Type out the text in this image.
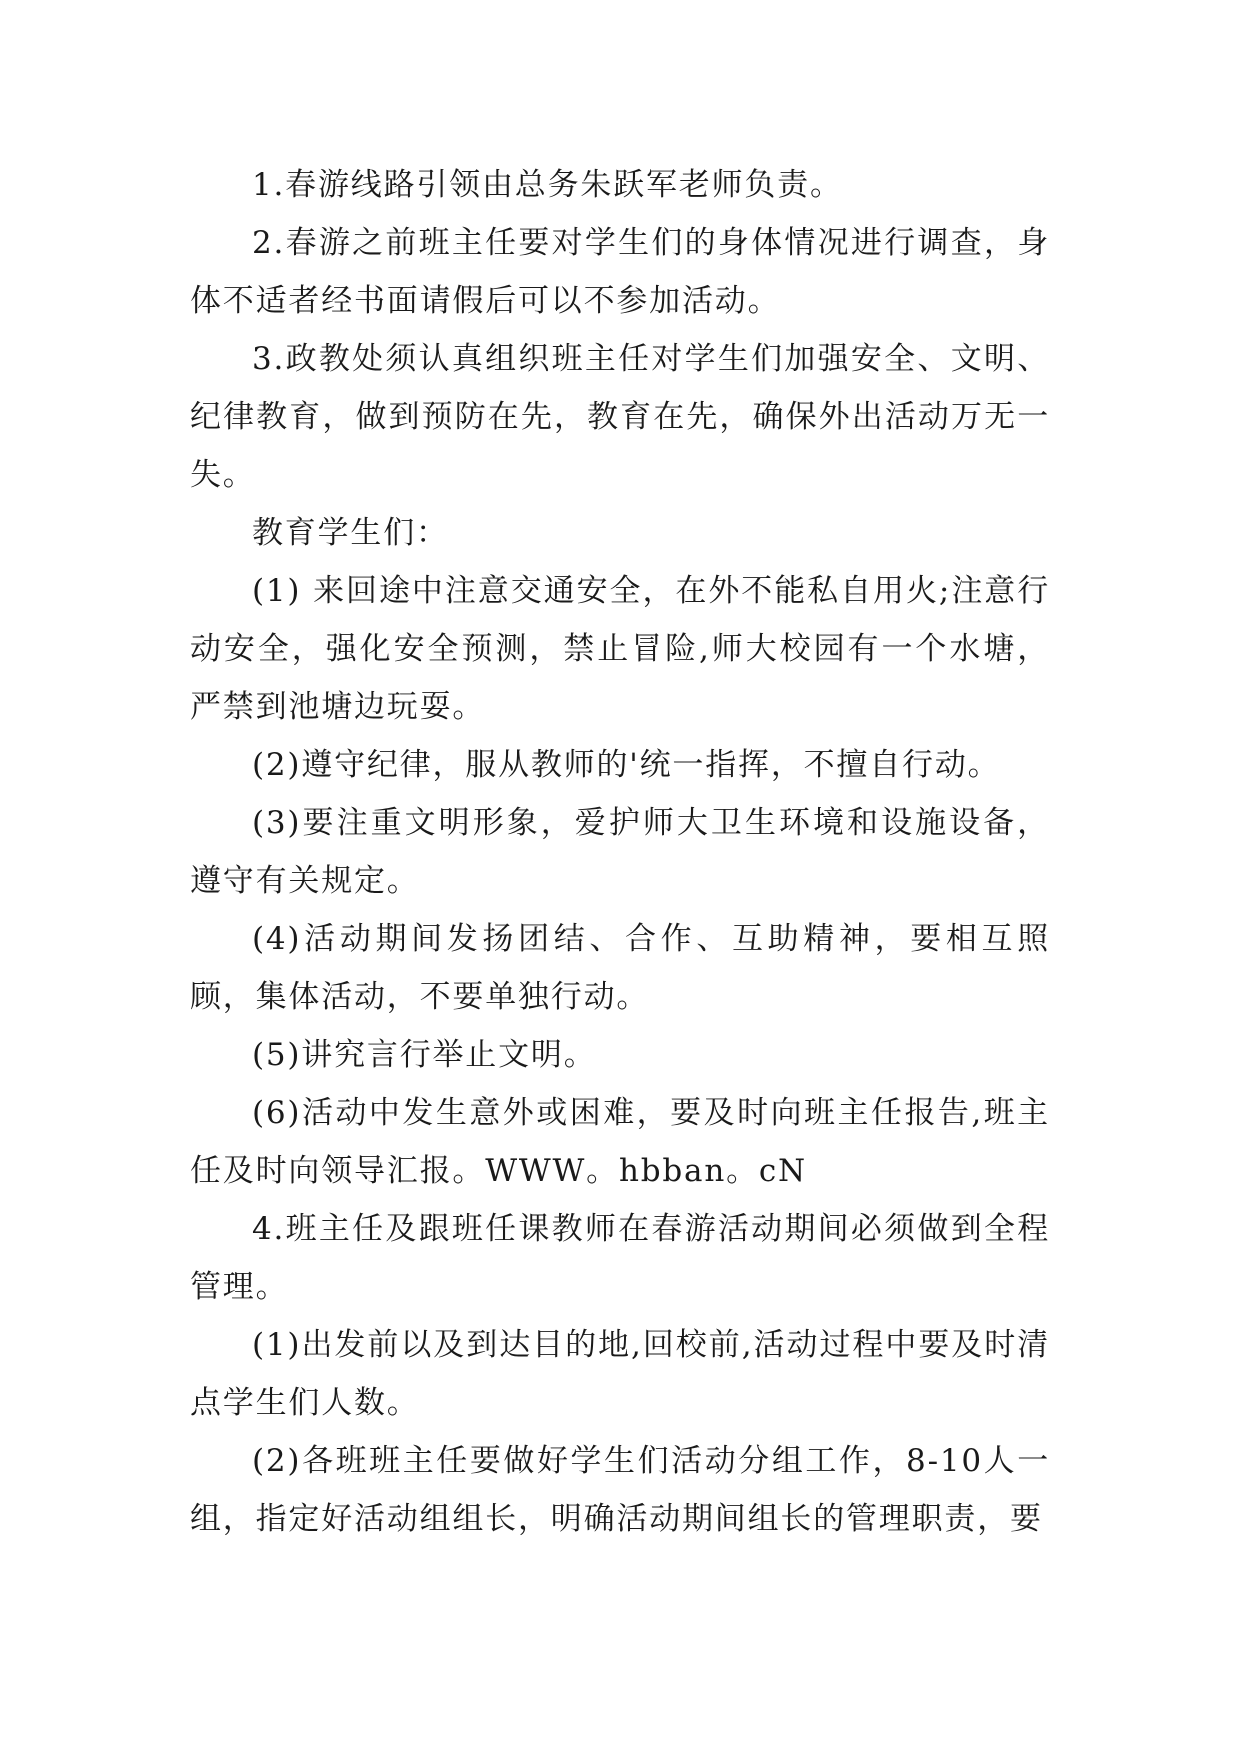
1.春游线路引领由总务朱跃军老师负责。

2.春游之前班主任要对学生们的身体情况进行调查，身体不适者经书面请假后可以不参加活动。

3.政教处须认真组织班主任对学生们加强安全、文明、纪律教育，做到预防在先，教育在先，确保外出活动万无一失。

教育学生们：

(1) 来回途中注意交通安全，在外不能私自用火;注意行动安全，强化安全预测，禁止冒险,师大校园有一个水塘，严禁到池塘边玩耍。

(2)遵守纪律，服从教师的'统一指挥，不擅自行动。

(3)要注重文明形象，爱护师大卫生环境和设施设备，遵守有关规定。

(4)活动期间发扬团结、合作、互助精神，要相互照顾，集体活动，不要单独行动。

(5)讲究言行举止文明。

(6)活动中发生意外或困难，要及时向班主任报告,班主任及时向领导汇报。WWW。hbban。cN

4.班主任及跟班任课教师在春游活动期间必须做到全程管理。

(1)出发前以及到达目的地,回校前,活动过程中要及时清点学生们人数。

(2)各班班主任要做好学生们活动分组工作，8-10人一组，指定好活动组组长，明确活动期间组长的管理职责，要
